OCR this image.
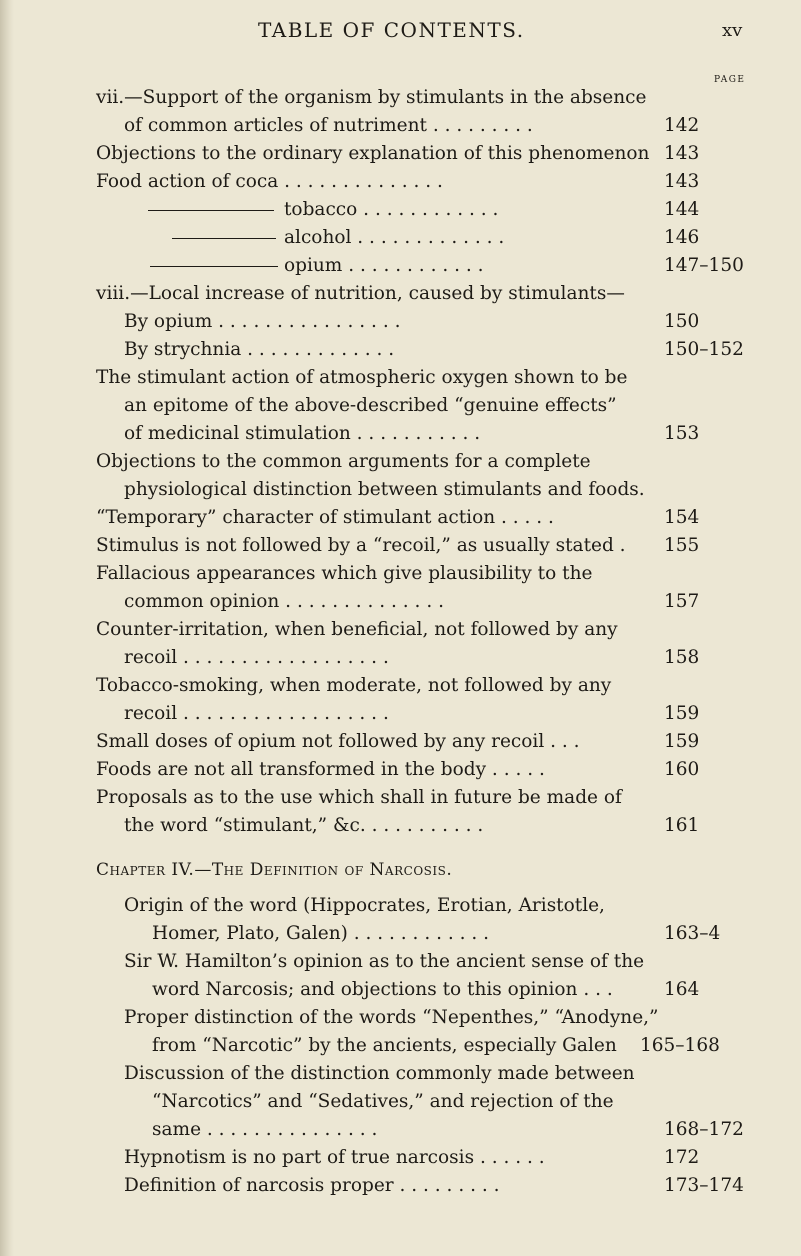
TABLE OF CONTENTS.	xv
PAGE
vii.—Support of the organism by stimulants in the absence
of common articles of nutriment . . . . . . . . .	142
Objections to the ordinary explanation of this phenomenon 143
Food action of coca . . . . . . . . . . . . . .	143
tobacco . . . . . . . . . . . .	144
alcohol . . . . . . . . . . . . .	146
opium . . . . . . . . . . . .	147–150
viii.—Local increase of nutrition, caused by stimulants—
By opium . . . . . . . . . . . . . . . .	150
By strychnia . . . . . . . . . . . . .	150–152
The stimulant action of atmospheric oxygen shown to be
an epitome of the above-described “genuine effects”
of medicinal stimulation . . . . . . . . . . .	153
Objections to the common arguments for a complete
physiological distinction between stimulants and foods.
“Temporary” character of stimulant action . . . . .	154
Stimulus is not followed by a “recoil,” as usually stated . 155
Fallacious appearances which give plausibility to the
common opinion . . . . . . . . . . . . . .	157
Counter-irritation, when beneficial, not followed by any
recoil . . . . . . . . . . . . . . . . . .	158
Tobacco-smoking, when moderate, not followed by any
recoil . . . . . . . . . . . . . . . . . .	159
Small doses of opium not followed by any recoil . . .	159
Foods are not all transformed in the body . . . . .	160
Proposals as to the use which shall in future be made of
the word “stimulant,” &c. . . . . . . . . . .	161
Chapter IV.—The Definition of Narcosis.
Origin of the word (Hippocrates, Erotian, Aristotle,
Homer, Plato, Galen) . . . . . . . . . . . .	163–4
Sir W. Hamilton’s opinion as to the ancient sense of the
word Narcosis; and objections to this opinion . . .	164
Proper distinction of the words “Nepenthes,” “Anodyne,”
from “Narcotic” by the ancients, especially Galen 165–168
Discussion of the distinction commonly made between
“Narcotics” and “Sedatives,” and rejection of the
same . . . . . . . . . . . . . . .	168–172
Hypnotism is no part of true narcosis . . . . . .	172
Definition of narcosis proper . . . . . . . . .	173–174
